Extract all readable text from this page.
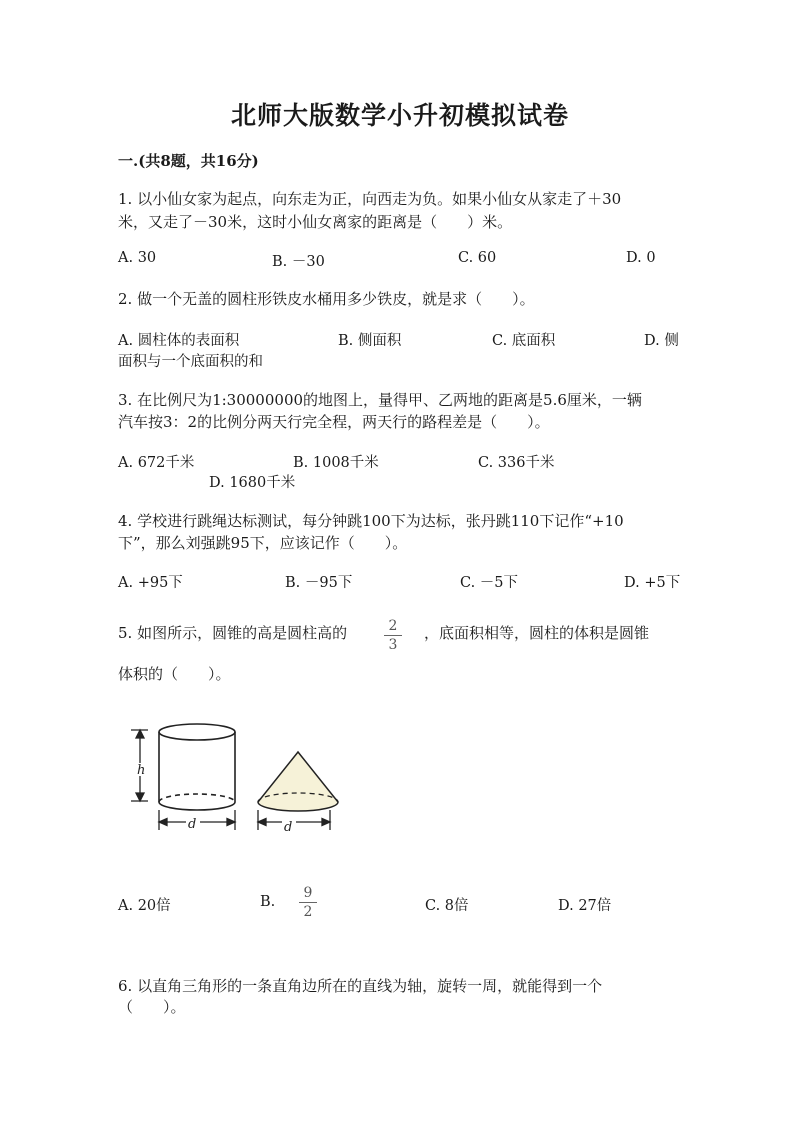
北师大版数学小升初模拟试卷
一.(共8题，共16分)
1. 以小仙女家为起点，向东走为正，向西走为负。如果小仙女从家走了＋30
米，又走了－30米，这时小仙女离家的距离是（　　）米。
A. 30	B. －30	C. 60	D. 0
2. 做一个无盖的圆柱形铁皮水桶用多少铁皮，就是求（　　）。
A. 圆柱体的表面积	B. 侧面积	C. 底面积	D. 侧
面积与一个底面积的和
3. 在比例尺为1:30000000的地图上，量得甲、乙两地的距离是5.6厘米，一辆
汽车按3：2的比例分两天行完全程，两天行的路程差是（　　）。
A. 672千米	B. 1008千米	C. 336千米
D. 1680千米
4. 学校进行跳绳达标测试，每分钟跳100下为达标，张丹跳110下记作“+10
下”，那么刘强跳95下，应该记作（　　）。
A. +95下	B. －95下	C. －5下	D. +5下
5. 如图所示，圆锥的高是圆柱高的	2
3
，底面积相等，圆柱的体积是圆锥
体积的（　　）。
h
d	d
A. 20倍	B.
9
2	C. 8倍	D. 27倍
6. 以直角三角形的一条直角边所在的直线为轴，旋转一周，就能得到一个
（　　）。
